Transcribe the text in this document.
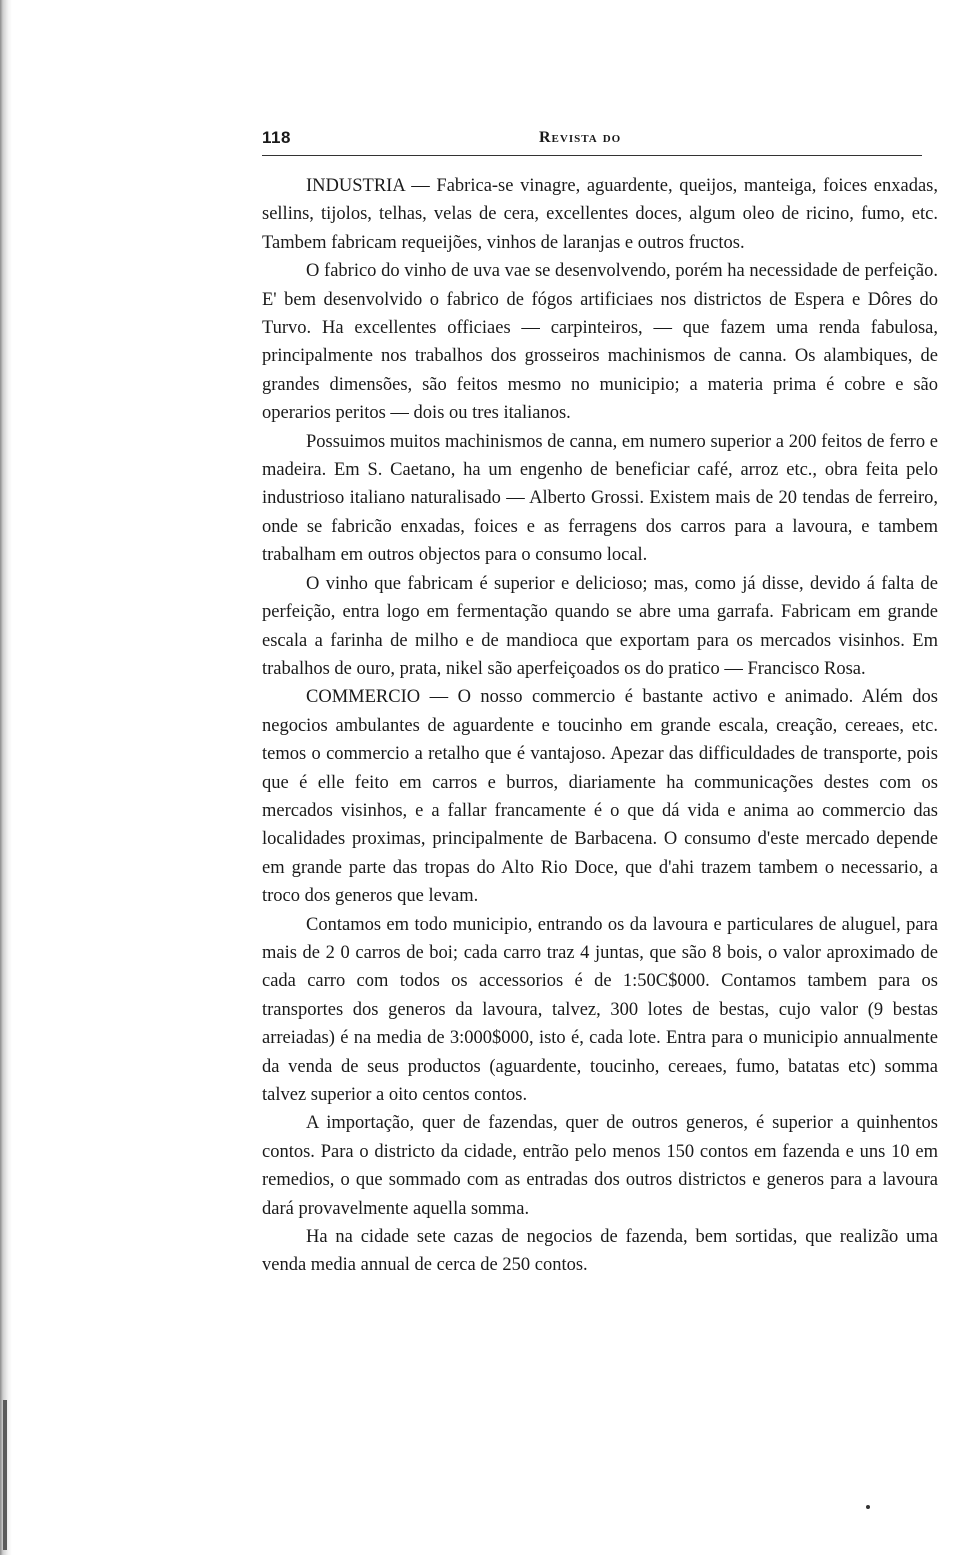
118	Revista do

INDUSTRIA — Fabrica-se vinagre, aguardente, queijos, manteiga, foices enxadas, sellins, tijolos, telhas, velas de cera, excellentes doces, algum oleo de ricino, fumo, etc. Tambem fabricam requeijões, vinhos de laranjas e outros fructos.

O fabrico do vinho de uva vae se desenvolvendo, porém ha necessidade de perfeição. E' bem desenvolvido o fabrico de fógos artificiaes nos districtos de Espera e Dôres do Turvo. Ha excellentes officiaes — carpinteiros, — que fazem uma renda fabulosa, principalmente nos trabalhos dos grosseiros machinismos de canna. Os alambiques, de grandes dimensões, são feitos mesmo no municipio; a materia prima é cobre e são operarios peritos — dois ou tres italianos.

Possuimos muitos machinismos de canna, em numero superior a 200 feitos de ferro e madeira. Em S. Caetano, ha um engenho de beneficiar café, arroz etc., obra feita pelo industrioso italiano naturalisado — Alberto Grossi. Existem mais de 20 tendas de ferreiro, onde se fabricão enxadas, foices e as ferragens dos carros para a lavoura, e tambem trabalham em outros objectos para o consumo local.

O vinho que fabricam é superior e delicioso; mas, como já disse, devido á falta de perfeição, entra logo em fermentação quando se abre uma garrafa. Fabricam em grande escala a farinha de milho e de mandioca que exportam para os mercados visinhos. Em trabalhos de ouro, prata, nikel são aperfeiçoados os do pratico — Francisco Rosa.

COMMERCIO — O nosso commercio é bastante activo e animado. Além dos negocios ambulantes de aguardente e toucinho em grande escala, creação, cereaes, etc. temos o commercio a retalho que é vantajoso. Apezar das difficuldades de transporte, pois que é elle feito em carros e burros, diariamente ha communicações destes com os mercados visinhos, e a fallar francamente é o que dá vida e anima ao commercio das localidades proximas, principalmente de Barbacena. O consumo d'este mercado depende em grande parte das tropas do Alto Rio Doce, que d'ahi trazem tambem o necessario, a troco dos generos que levam.

Contamos em todo municipio, entrando os da lavoura e particulares de aluguel, para mais de 2 0 carros de boi; cada carro traz 4 juntas, que são 8 bois, o valor aproximado de cada carro com todos os accessorios é de 1:50C$000. Contamos tambem para os transportes dos generos da lavoura, talvez, 300 lotes de bestas, cujo valor (9 bestas arreiadas) é na media de 3:000$000, isto é, cada lote. Entra para o municipio annualmente da venda de seus productos (aguardente, toucinho, cereaes, fumo, batatas etc) somma talvez superior a oito centos contos.

A importação, quer de fazendas, quer de outros generos, é superior a quinhentos contos. Para o districto da cidade, entrão pelo menos 150 contos em fazenda e uns 10 em remedios, o que sommado com as entradas dos outros districtos e generos para a lavoura dará provavelmente aquella somma.

Ha na cidade sete cazas de negocios de fazenda, bem sortidas, que realizão uma venda media annual de cerca de 250 contos.
